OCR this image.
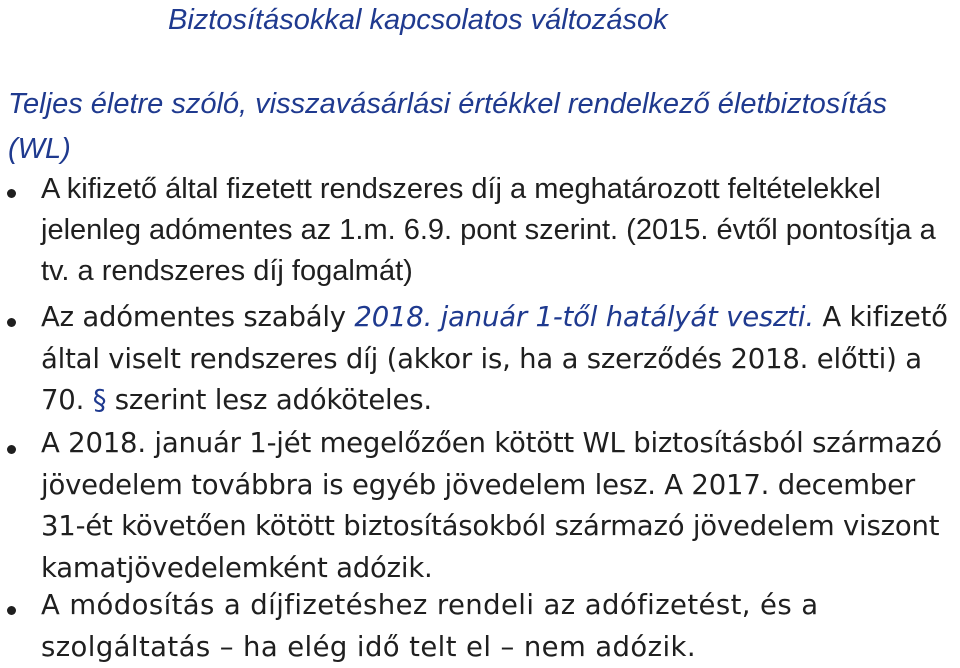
Biztosításokkal kapcsolatos változások
Teljes életre szóló, visszavásárlási értékkel rendelkező életbiztosítás (WL)
A kifizető által fizetett rendszeres díj a meghatározott feltételekkel jelenleg adómentes az 1.m. 6.9. pont szerint. (2015. évtől pontosítja a tv. a rendszeres díj fogalmát)
Az adómentes szabály 2018. január 1-től hatályát veszti. A kifizető által viselt rendszeres díj (akkor is, ha a szerződés 2018. előtti) a 70. § szerint lesz adóköteles.
A 2018. január 1-jét megelőzően kötött WL biztosításból származó jövedelem továbbra is egyéb jövedelem lesz. A 2017. december 31-ét követően kötött biztosításokból származó jövedelem viszont kamatjövedelemként adózik.
A módosítás a díjfizetéshez rendeli az adófizetést, és a szolgáltatás – ha elég idő telt el – nem adózik.
